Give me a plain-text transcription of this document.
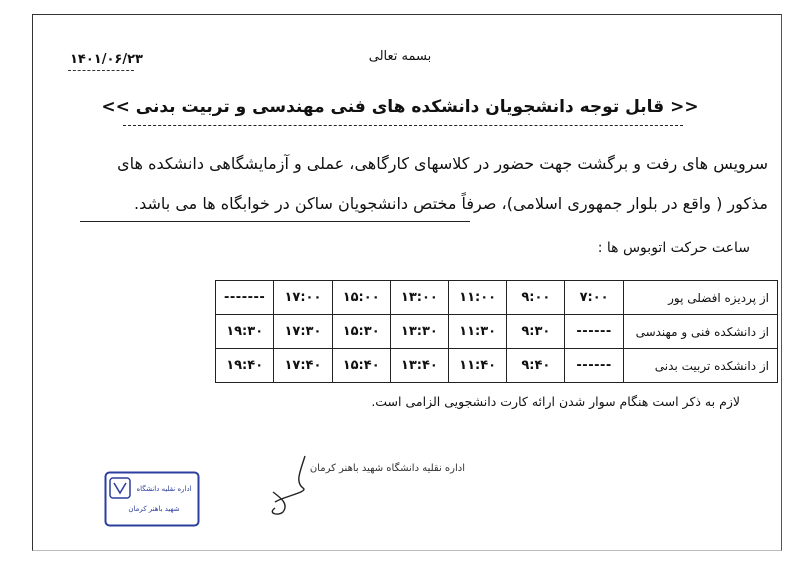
بسمه تعالی
۱۴۰۱/۰۶/۲۳
<< قابل توجه دانشجویان دانشکده های فنی مهندسی و تربیت بدنی >>
سرویس های رفت و برگشت جهت حضور در کلاسهای کارگاهی، عملی و آزمایشگاهی دانشکده های
مذکور ( واقع در بلوار جمهوری اسلامی)، صرفاً مختص دانشجویان ساکن در خوابگاه ها می باشد.
ساعت حرکت اتوبوس ها :
از پردیزه افضلی پور	۷:۰۰	۹:۰۰	۱۱:۰۰	۱۳:۰۰	۱۵:۰۰	۱۷:۰۰	-------
از دانشکده فنی و مهندسی	------	۹:۳۰	۱۱:۳۰	۱۳:۳۰	۱۵:۳۰	۱۷:۳۰	۱۹:۳۰
از دانشکده تربیت بدنی	------	۹:۴۰	۱۱:۴۰	۱۳:۴۰	۱۵:۴۰	۱۷:۴۰	۱۹:۴۰
لازم به ذکر است هنگام سوار شدن ارائه کارت دانشجویی الزامی است.
اداره نقلیه دانشگاه شهید باهنر کرمان
اداره نقلیه دانشگاه
شهید باهنر کرمان
